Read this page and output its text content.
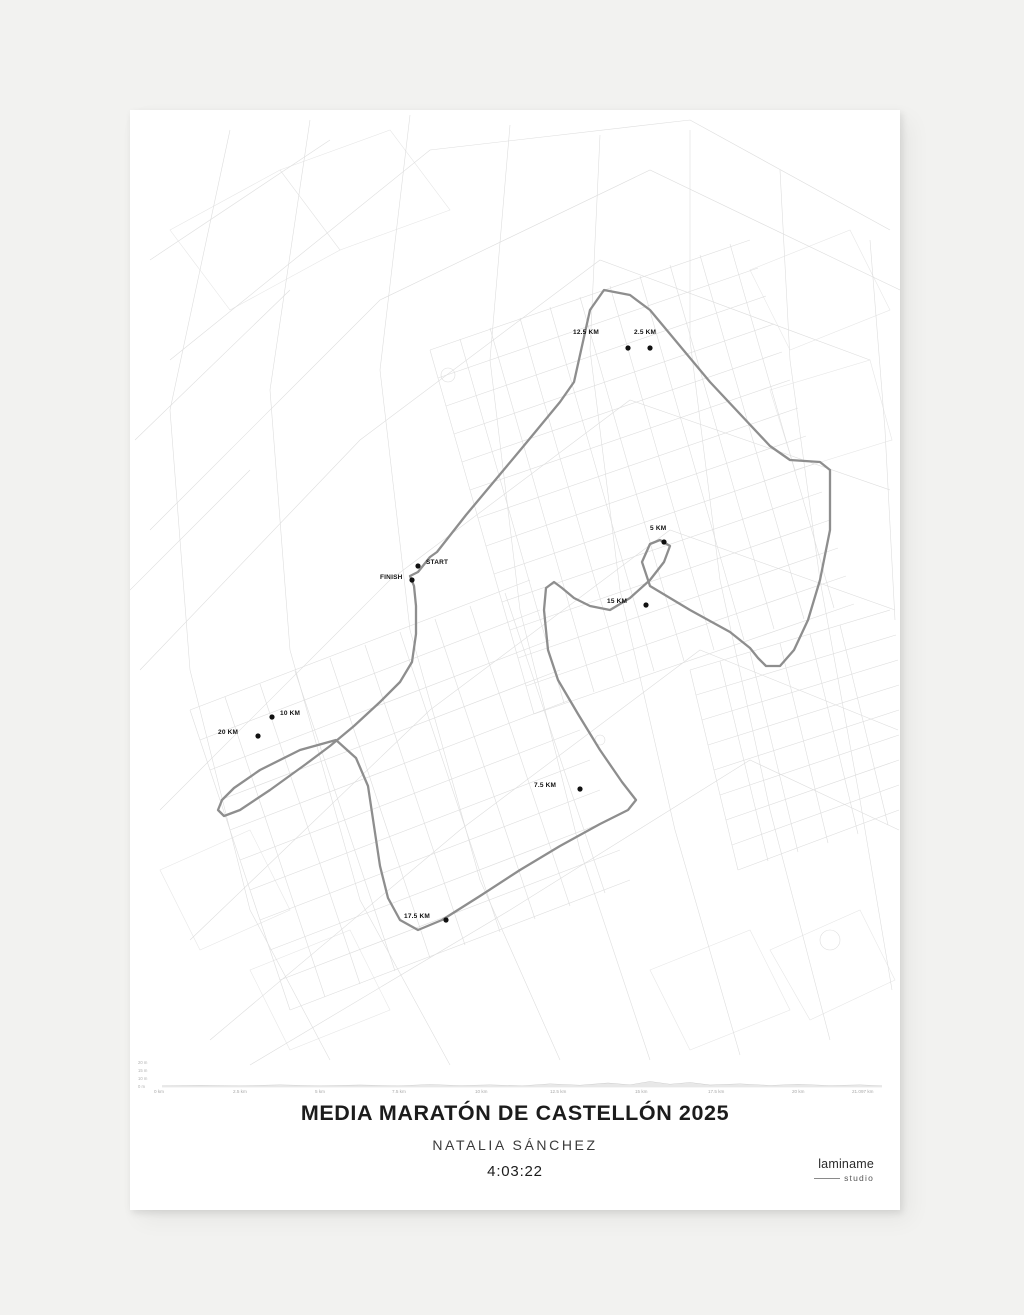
2.5 KM
5 KM
7.5 KM
10 KM
12.5 KM
15 KM
17.5 KM
20 KM
START
FINISH
20 m
15 m
10 m
0 m
0 km	2.5 km	5 km	7.5 km	10 km	12.5 km	15 km	17.5 km	20 km	21.097 km
MEDIA MARATÓN DE CASTELLÓN 2025
NATALIA SÁNCHEZ
4:03:22	laminame
studio
